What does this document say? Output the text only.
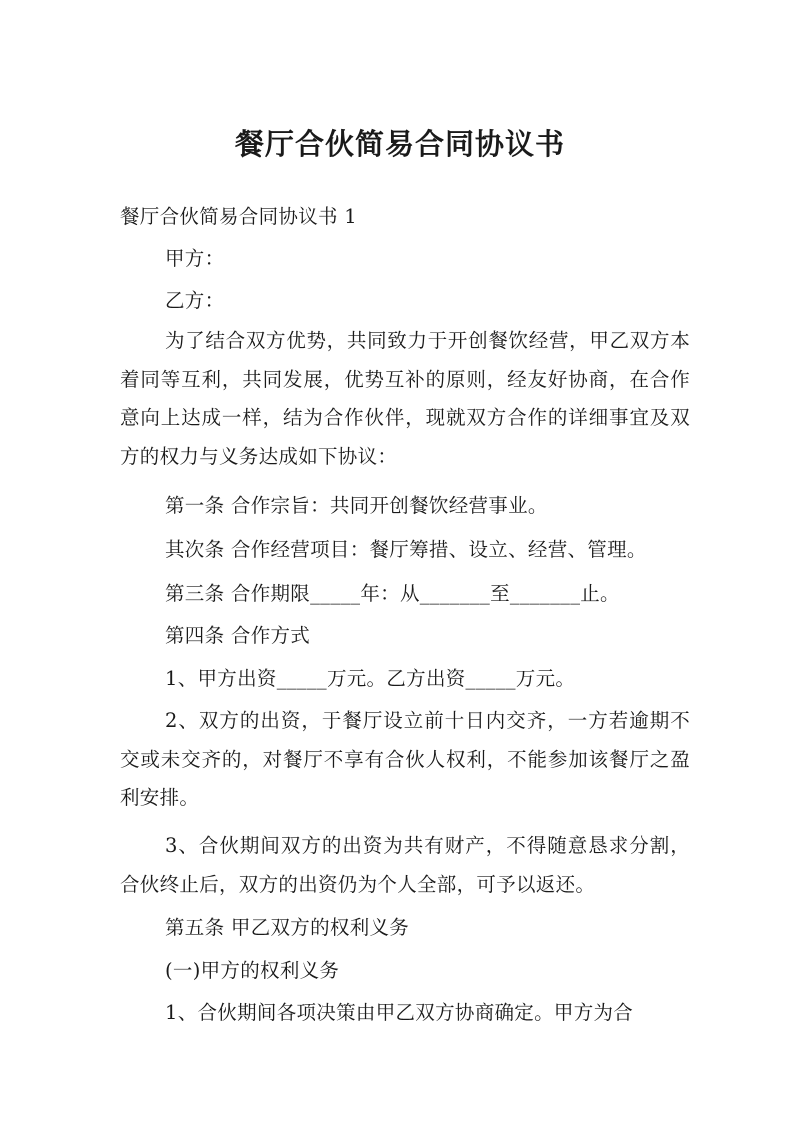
餐厅合伙简易合同协议书
餐厅合伙简易合同协议书 1
甲方：
乙方：
为了结合双方优势，共同致力于开创餐饮经营，甲乙双方本着同等互利，共同发展，优势互补的原则，经友好协商，在合作意向上达成一样，结为合作伙伴，现就双方合作的详细事宜及双方的权力与义务达成如下协议：
第一条 合作宗旨：共同开创餐饮经营事业。
其次条 合作经营项目：餐厅筹措、设立、经营、管理。
第三条 合作期限_____年：从_______至_______止。
第四条 合作方式
1、甲方出资_____万元。乙方出资_____万元。
2、双方的出资，于餐厅设立前十日内交齐，一方若逾期不交或未交齐的，对餐厅不享有合伙人权利，不能参加该餐厅之盈利安排。
3、合伙期间双方的出资为共有财产，不得随意恳求分割，合伙终止后，双方的出资仍为个人全部，可予以返还。
第五条 甲乙双方的权利义务
(一)甲方的权利义务
1、合伙期间各项决策由甲乙双方协商确定。甲方为合
